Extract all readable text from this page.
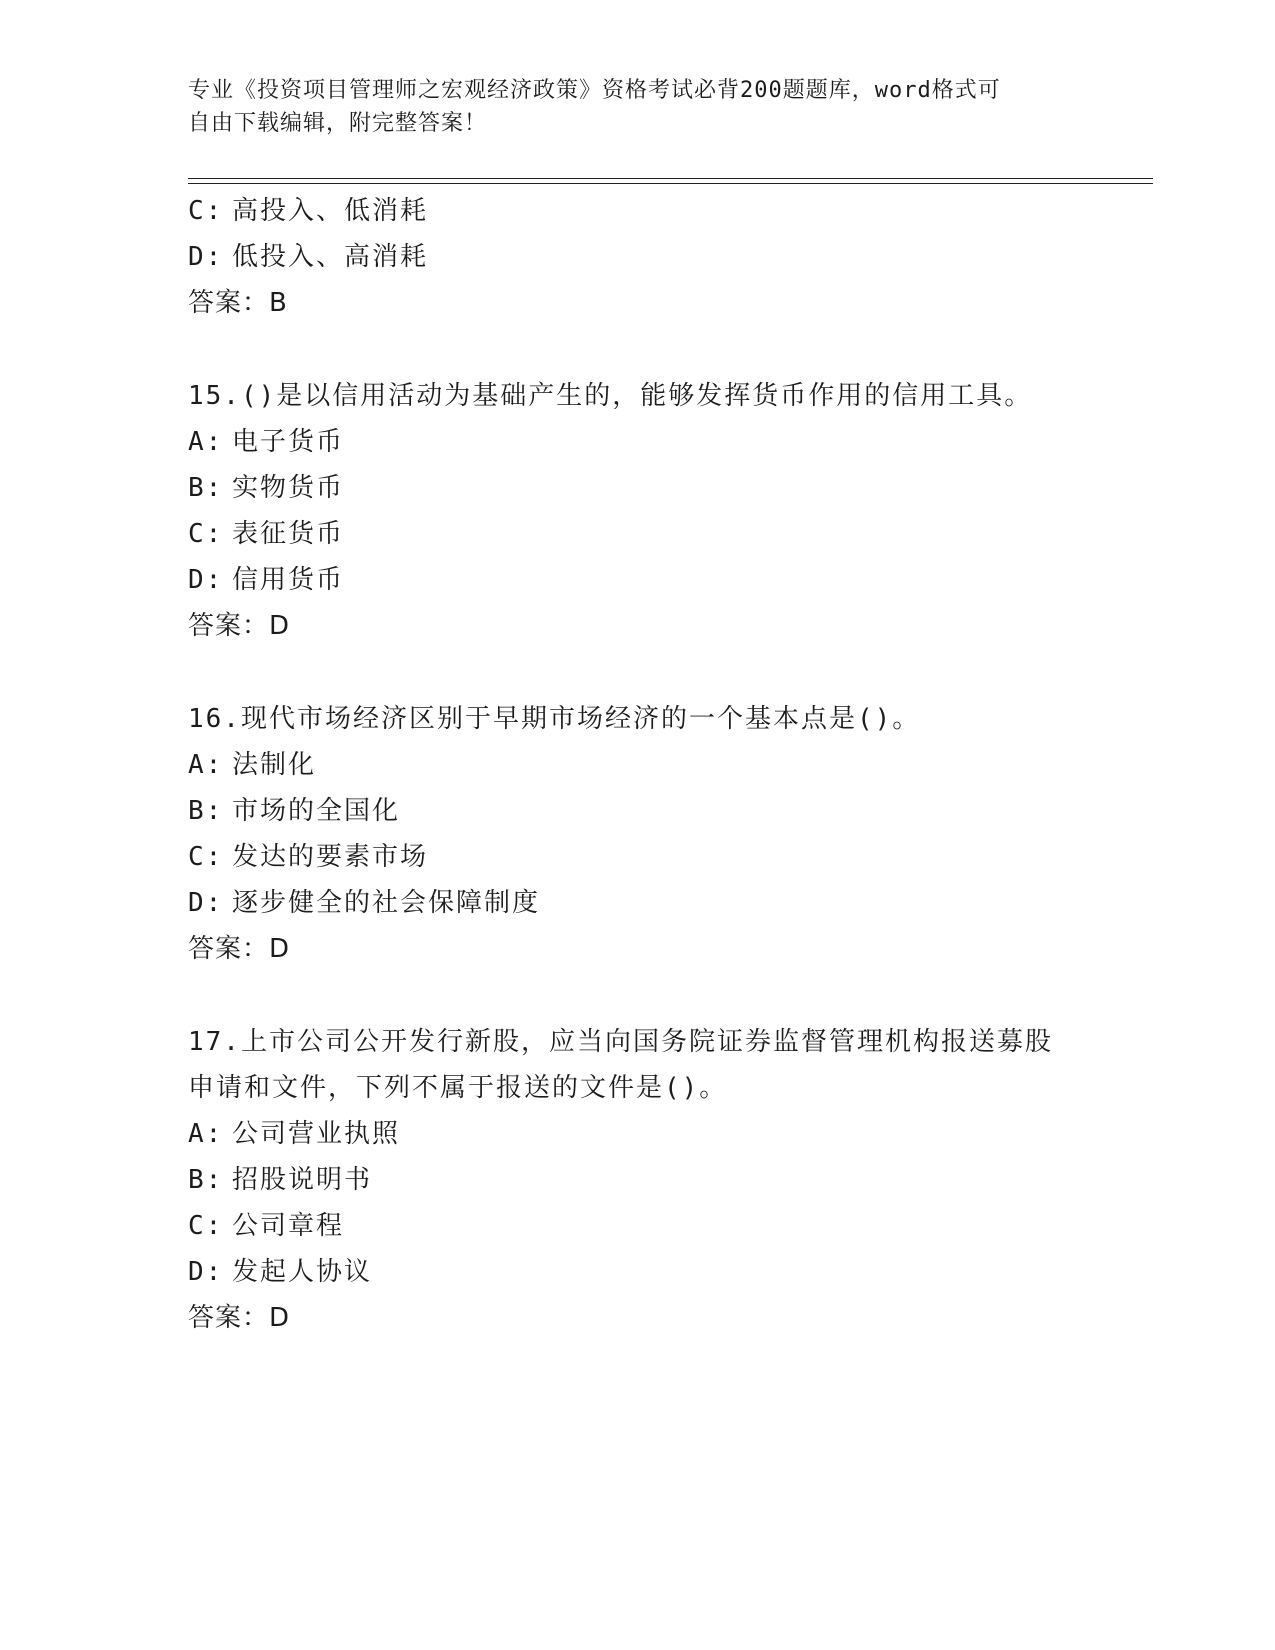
专业《投资项目管理师之宏观经济政策》资格考试必背200题题库，word格式可
自由下载编辑，附完整答案！
C: 高投入、低消耗
D: 低投入、高消耗
答案：B
15.()是以信用活动为基础产生的，能够发挥货币作用的信用工具。
A: 电子货币
B: 实物货币
C: 表征货币
D: 信用货币
答案：D
16.现代市场经济区别于早期市场经济的一个基本点是()。
A: 法制化
B: 市场的全国化
C: 发达的要素市场
D: 逐步健全的社会保障制度
答案：D
17.上市公司公开发行新股，应当向国务院证券监督管理机构报送募股
申请和文件，下列不属于报送的文件是()。
A: 公司营业执照
B: 招股说明书
C: 公司章程
D: 发起人协议
答案：D
